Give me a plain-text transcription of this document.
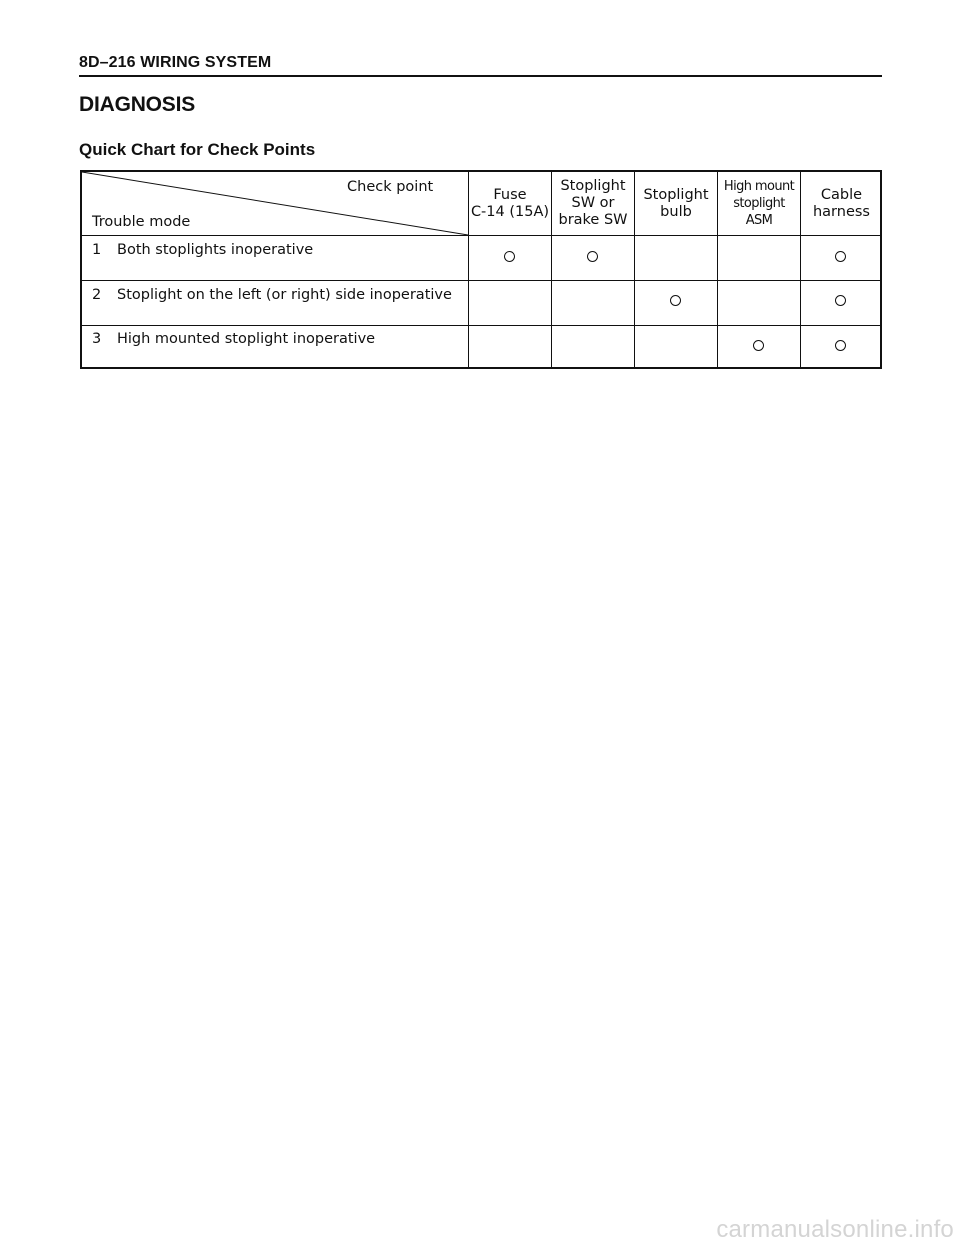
8D–216 WIRING SYSTEM
DIAGNOSIS
Quick Chart for Check Points
Check point
Trouble mode
Fuse
C-14 (15A)
Stoplight
SW or
brake SW
Stoplight
bulb
High mount
stoplight
ASM
Cable
harness
1 Both stoplights inoperative
2 Stoplight on the left (or right) side inoperative
3 High mounted stoplight inoperative
carmanualsonline.info
